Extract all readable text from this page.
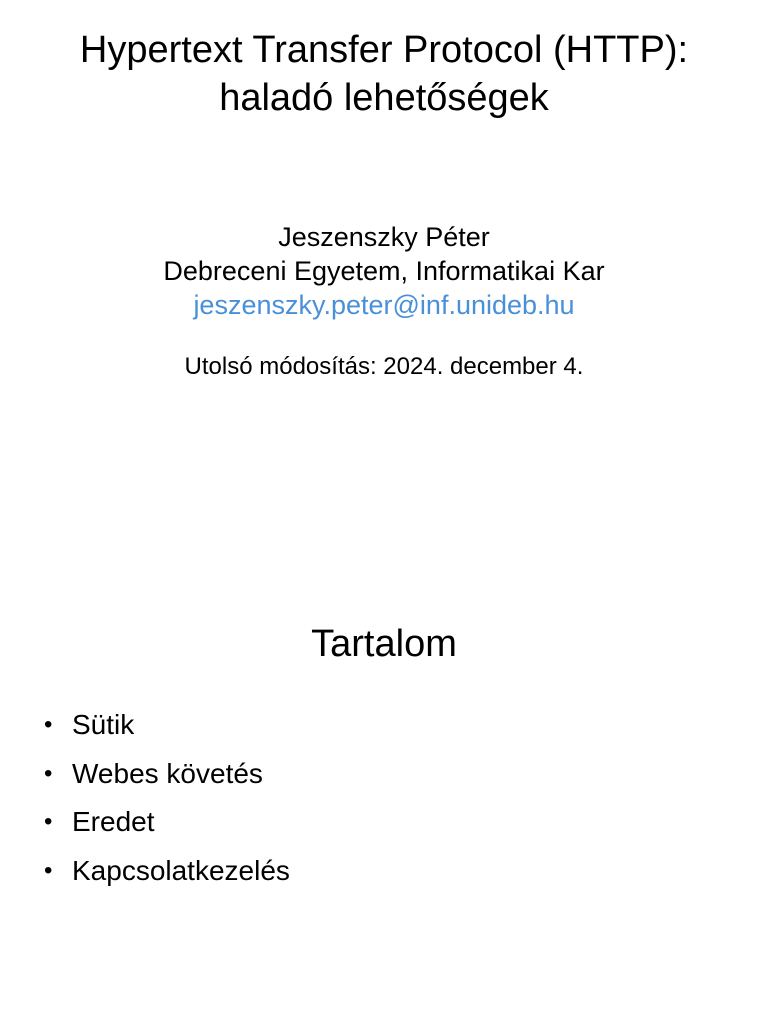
Hypertext Transfer Protocol (HTTP):
haladó lehetőségek
Jeszenszky Péter
Debreceni Egyetem, Informatikai Kar
jeszenszky.peter@inf.unideb.hu
Utolsó módosítás: 2024. december 4.
Tartalom
• Sütik
• Webes követés
• Eredet
• Kapcsolatkezelés
